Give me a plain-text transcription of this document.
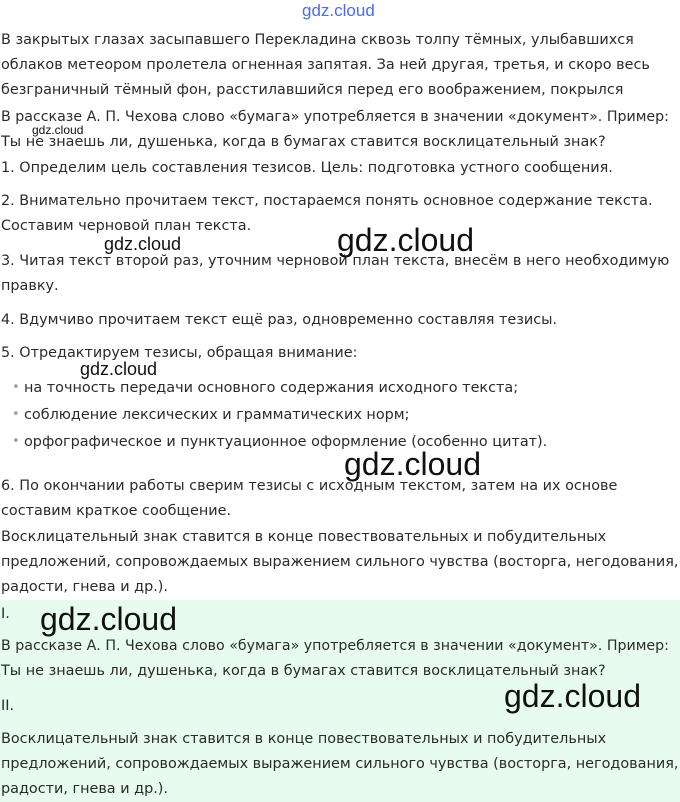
В закрытых глазах засыпавшего Перекладина сквозь толпу тёмных, улыбавшихся
облаков метеором пролетела огненная запятая. За ней другая, третья, и скоро весь
безграничный тёмный фон, расстилавшийся перед его воображением, покрылся
В рассказе А. П. Чехова слово «бумага» употребляется в значении «документ». Пример:
Ты не знаешь ли, душенька, когда в бумагах ставится восклицательный знак?
1. Определим цель составления тезисов. Цель: подготовка устного сообщения.
2. Внимательно прочитаем текст, постараемся понять основное содержание текста.
Составим черновой план текста.
3. Читая текст второй раз, уточним черновой план текста, внесём в него необходимую
правку.
4. Вдумчиво прочитаем текст ещё раз, одновременно составляя тезисы.
5. Отредактируем тезисы, обращая внимание:
• на точность передачи основного содержания исходного текста;
• соблюдение лексических и грамматических норм;
• орфографическое и пунктуационное оформление (особенно цитат).
6. По окончании работы сверим тезисы с исходным текстом, затем на их основе
составим краткое сообщение.
Восклицательный знак ставится в конце повествовательных и побудительных
предложений, сопровождаемых выражением сильного чувства (восторга, негодования,
радости, гнева и др.).
I.
В рассказе А. П. Чехова слово «бумага» употребляется в значении «документ». Пример:
Ты не знаешь ли, душенька, когда в бумагах ставится восклицательный знак?
II.
Восклицательный знак ставится в конце повествовательных и побудительных
предложений, сопровождаемых выражением сильного чувства (восторга, негодования,
радости, гнева и др.).
gdz.cloud
gdz.cloud
gdz.cloud	gdz.cloud
gdz.cloud
gdz.cloud
gdz.cloud
gdz.cloud
